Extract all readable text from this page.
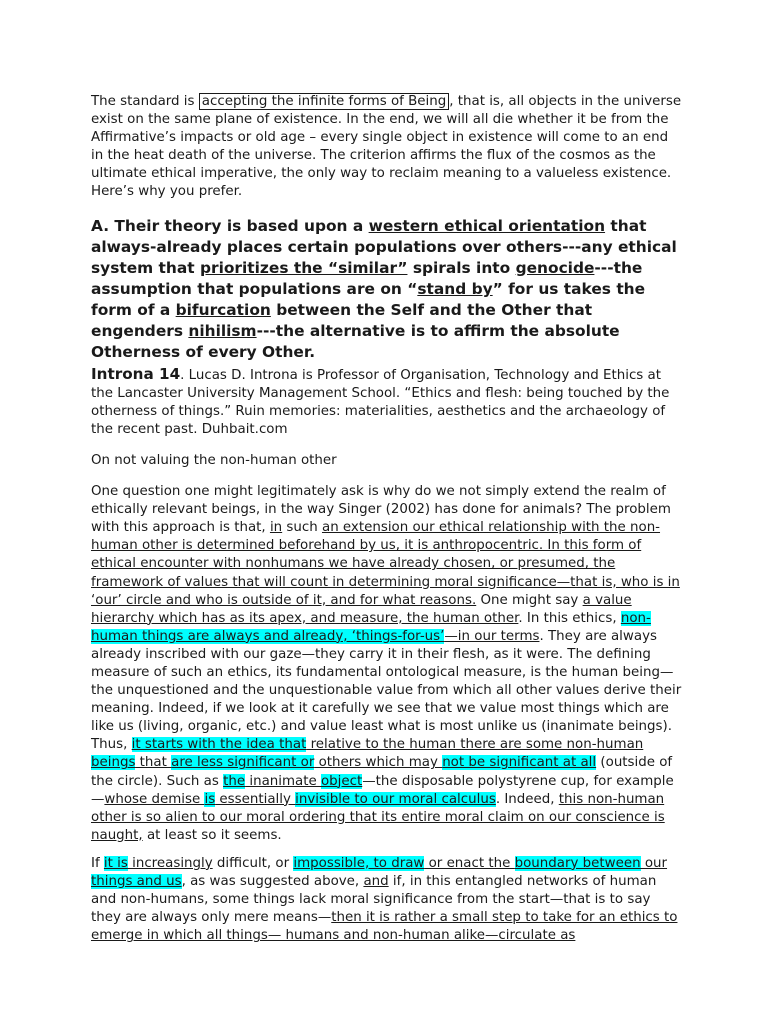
The standard is accepting the infinite forms of Being , that is, all objects in the universe exist on the same plane of existence. In the end, we will all die whether it be from the Affirmative’s impacts or old age – every single object in existence will come to an end in the heat death of the universe. The criterion affirms the flux of the cosmos as the ultimate ethical imperative, the only way to reclaim meaning to a valueless existence. Here’s why you prefer.

A. Their theory is based upon a western ethical orientation that always-already places certain populations over others---any ethical system that prioritizes the “similar” spirals into genocide---the assumption that populations are on “stand by” for us takes the form of a bifurcation between the Self and the Other that engenders nihilism---the alternative is to affirm the absolute Otherness of every Other.

Introna 14. Lucas D. Introna is Professor of Organisation, Technology and Ethics at the Lancaster University Management School. “Ethics and flesh: being touched by the otherness of things.” Ruin memories: materialities, aesthetics and the archaeology of the recent past. Duhbait.com

On not valuing the non-human other

One question one might legitimately ask is why do we not simply extend the realm of ethically relevant beings, in the way Singer (2002) has done for animals? The problem with this approach is that, in such an extension our ethical relationship with the non-human other is determined beforehand by us, it is anthropocentric. In this form of ethical encounter with nonhumans we have already chosen, or presumed, the framework of values that will count in determining moral significance—that is, who is in ‘our’ circle and who is outside of it, and for what reasons. One might say a value hierarchy which has as its apex, and measure, the human other. In this ethics, non-human things are always and already, ‘things-for-us’—in our terms. They are always already inscribed with our gaze—they carry it in their flesh, as it were. The defining measure of such an ethics, its fundamental ontological measure, is the human being— the unquestioned and the unquestionable value from which all other values derive their meaning. Indeed, if we look at it carefully we see that we value most things which are like us (living, organic, etc.) and value least what is most unlike us (inanimate beings). Thus, it starts with the idea that relative to the human there are some non-human beings that are less significant or others which may not be significant at all (outside of the circle). Such as the inanimate object—the disposable polystyrene cup, for example—whose demise is essentially invisible to our moral calculus. Indeed, this non-human other is so alien to our moral ordering that its entire moral claim on our conscience is naught, at least so it seems.

If it is increasingly difficult, or impossible, to draw or enact the boundary between our things and us, as was suggested above, and if, in this entangled networks of human and non-humans, some things lack moral significance from the start—that is to say they are always only mere means—then it is rather a small step to take for an ethics to emerge in which all things— humans and non-human alike—circulate as
